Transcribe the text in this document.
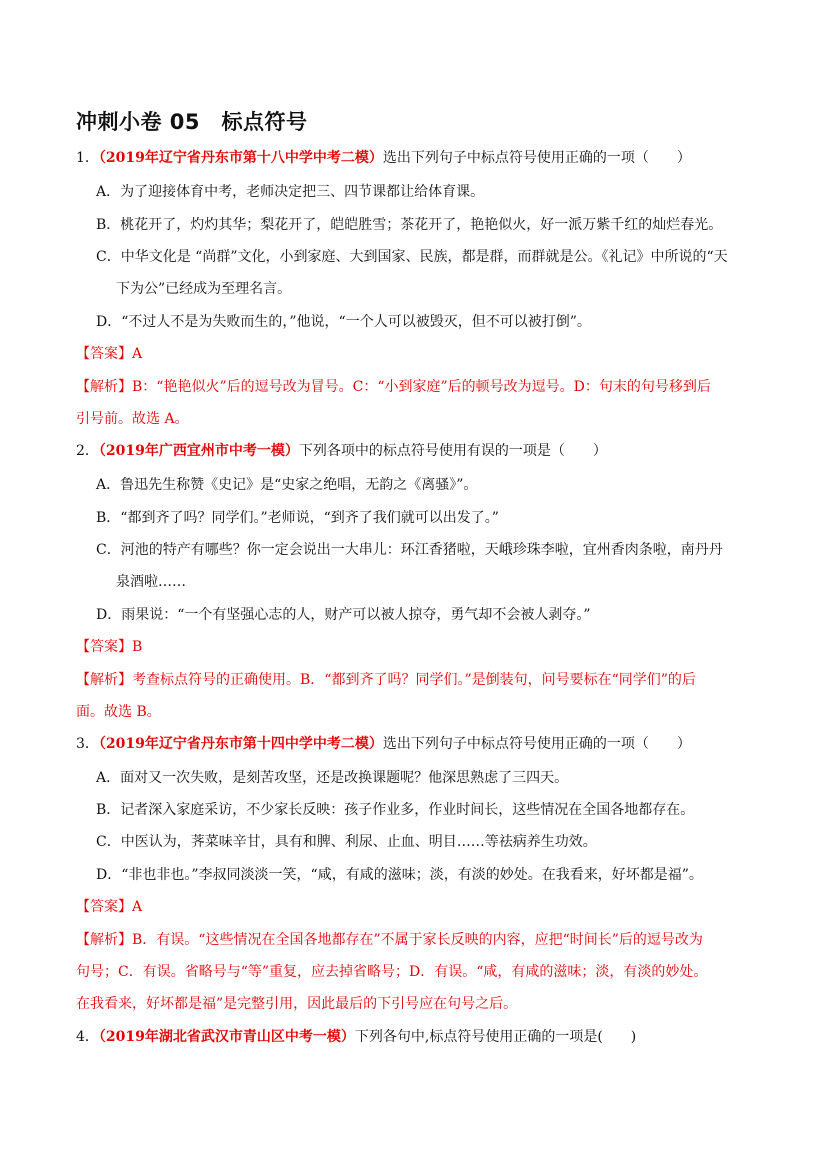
冲刺小卷 05　标点符号
1．（2019年辽宁省丹东市第十八中学中考二模）选出下列句子中标点符号使用正确的一项（　　）
A．为了迎接体育中考，老师决定把三、四节课都让给体育课。
B．桃花开了，灼灼其华；梨花开了，皑皑胜雪；茶花开了，艳艳似火，好一派万紫千红的灿烂春光。
C．中华文化是 “尚群”文化，小到家庭、大到国家、民族，都是群，而群就是公。《礼记》中所说的“天
下为公”已经成为至理名言。
D．“不过人不是为失败而生的，”他说，“一个人可以被毁灭，但不可以被打倒”。
【答案】A
【解析】B：“艳艳似火”后的逗号改为冒号。C：“小到家庭”后的顿号改为逗号。D：句末的句号移到后
引号前。故选 A。
2．（2019年广西宜州市中考一模）下列各项中的标点符号使用有误的一项是（　　）
A．鲁迅先生称赞《史记》是“史家之绝唱，无韵之《离骚》”。
B．“都到齐了吗？同学们。”老师说，“到齐了我们就可以出发了。”
C．河池的特产有哪些？你一定会说出一大串儿：环江香猪啦，天峨珍珠李啦，宜州香肉条啦，南丹丹
泉酒啦……
D．雨果说：“一个有坚强心志的人，财产可以被人掠夺，勇气却不会被人剥夺。”
【答案】B
【解析】考查标点符号的正确使用。B．“都到齐了吗？同学们。”是倒装句，问号要标在“同学们”的后
面。故选 B。
3．（2019年辽宁省丹东市第十四中学中考二模）选出下列句子中标点符号使用正确的一项（　　）
A．面对又一次失败，是刻苦攻坚，还是改换课题呢？他深思熟虑了三四天。
B．记者深入家庭采访，不少家长反映：孩子作业多，作业时间长，这些情况在全国各地都存在。
C．中医认为，荠菜味辛甘，具有和脾、利尿、止血、明目……等祛病养生功效。
D．“非也非也。”李叔同淡淡一笑，“咸，有咸的滋味；淡，有淡的妙处。在我看来，好坏都是福”。
【答案】A
【解析】B．有误。“这些情况在全国各地都存在”不属于家长反映的内容，应把“时间长”后的逗号改为
句号；C．有误。省略号与“等”重复，应去掉省略号；D．有误。“咸，有咸的滋味；淡，有淡的妙处。
在我看来，好坏都是福”是完整引用，因此最后的下引号应在句号之后。
4．（2019年湖北省武汉市青山区中考一模）下列各句中,标点符号使用正确的一项是(　　)
